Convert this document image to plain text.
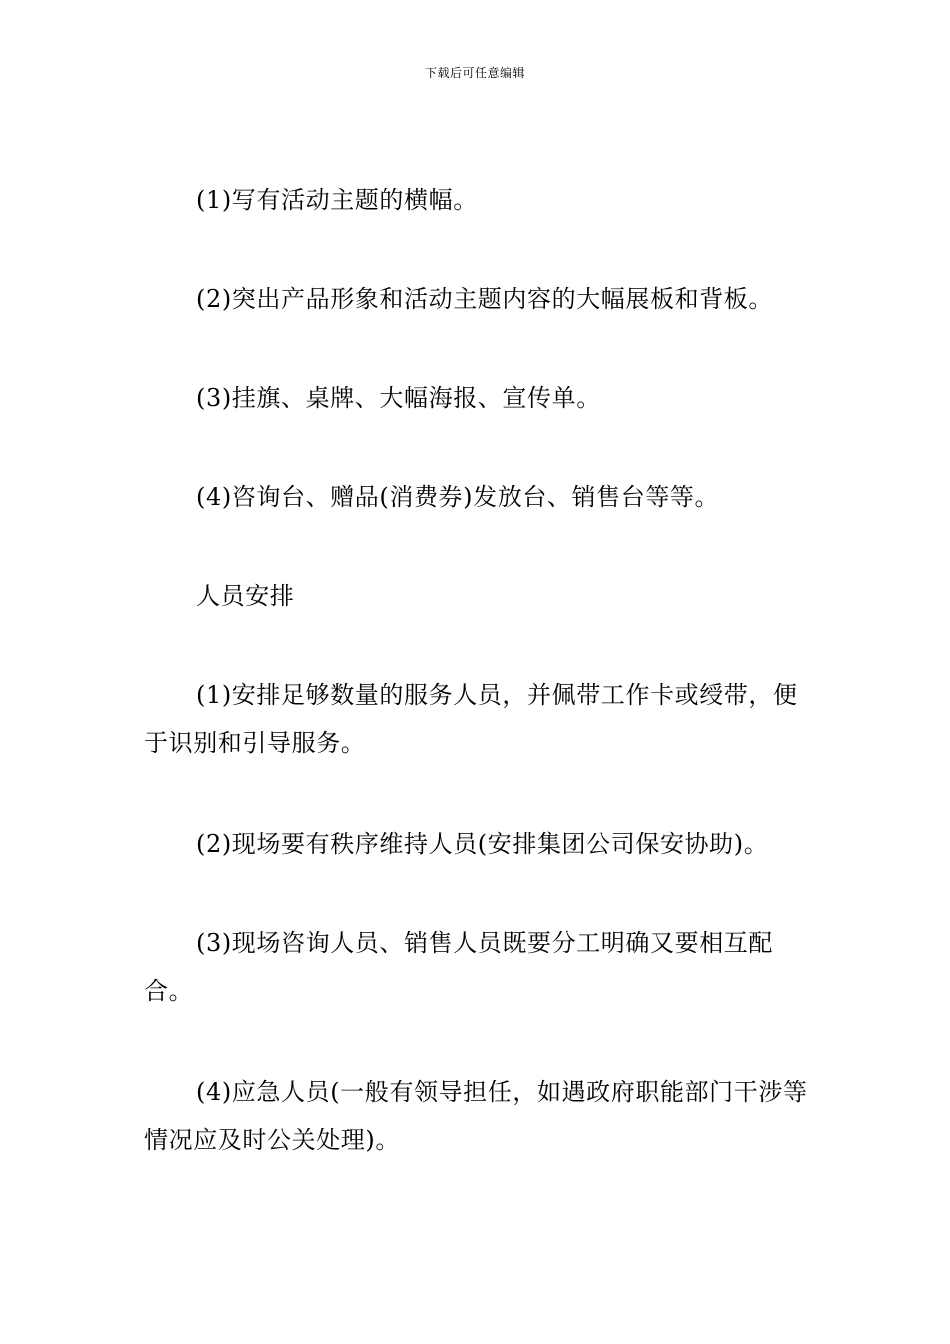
下载后可任意编辑

(1)写有活动主题的横幅。

(2)突出产品形象和活动主题内容的大幅展板和背板。

(3)挂旗、桌牌、大幅海报、宣传单。

(4)咨询台、赠品(消费券)发放台、销售台等等。

人员安排

(1)安排足够数量的服务人员，并佩带工作卡或绶带，便于识别和引导服务。

(2)现场要有秩序维持人员(安排集团公司保安协助)。

(3)现场咨询人员、销售人员既要分工明确又要相互配合。

(4)应急人员(一般有领导担任，如遇政府职能部门干涉等情况应及时公关处理)。
